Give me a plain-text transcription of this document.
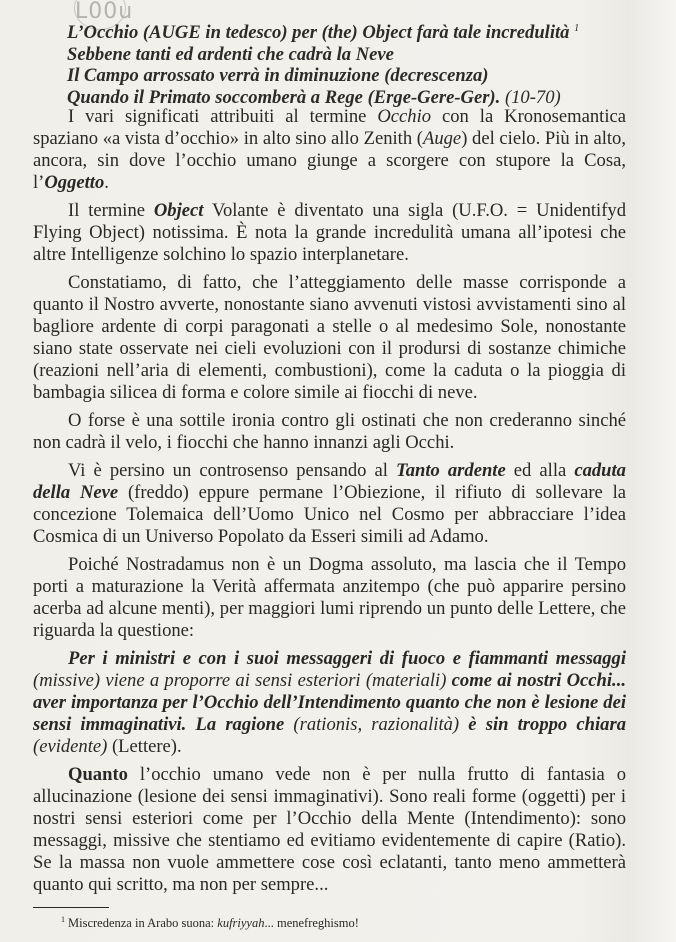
L00u
L’Occhio (AUGE in tedesco) per (the) Object farà tale incredulità $^1$
Sebbene tanti ed ardenti che cadrà la Neve
Il Campo arrossato verrà in diminuzione (decrescenza)
Quando il Primato soccomberà a Rege (Erge-Gere-Ger). (10-70)

I vari significati attribuiti al termine Occhio con la Kronosemantica spaziano «a vista d’occhio» in alto sino allo Zenith (Auge) del cielo. Più in alto, ancora, sin dove l’occhio umano giunge a scorgere con stupore la Cosa, l’Oggetto.

Il termine Object Volante è diventato una sigla (U.F.O. = Unidentifyd Flying Object) notissima. È nota la grande incredulità umana all’ipotesi che altre Intelligenze solchino lo spazio interplanetare.

Constatiamo, di fatto, che l’atteggiamento delle masse corrisponde a quanto il Nostro avverte, nonostante siano avvenuti vistosi avvistamenti sino al bagliore ardente di corpi paragonati a stelle o al medesimo Sole, nonostante siano state osservate nei cieli evoluzioni con il prodursi di sostanze chimiche (reazioni nell’aria di elementi, combustioni), come la caduta o la pioggia di bambagia silicea di forma e colore simile ai fiocchi di neve.

O forse è una sottile ironia contro gli ostinati che non crederanno sinché non cadrà il velo, i fiocchi che hanno innanzi agli Occhi.

Vi è persino un controsenso pensando al Tanto ardente ed alla caduta della Neve (freddo) eppure permane l’Obiezione, il rifiuto di sollevare la concezione Tolemaica dell’Uomo Unico nel Cosmo per abbracciare l’idea Cosmica di un Universo Popolato da Esseri simili ad Adamo.

Poiché Nostradamus non è un Dogma assoluto, ma lascia che il Tempo porti a maturazione la Verità affermata anzitempo (che può apparire persino acerba ad alcune menti), per maggiori lumi riprendo un punto delle Lettere, che riguarda la questione:

Per i ministri e con i suoi messaggeri di fuoco e fiammanti messaggi (missive) viene a proporre ai sensi esteriori (materiali) come ai nostri Occhi... aver importanza per l’Occhio dell’Intendimento quanto che non è lesione dei sensi immaginativi. La ragione (rationis, razionalità) è sin troppo chiara (evidente) (Lettere).

Quanto l’occhio umano vede non è per nulla frutto di fantasia o allucinazione (lesione dei sensi immaginativi). Sono reali forme (oggetti) per i nostri sensi esteriori come per l’Occhio della Mente (Intendimento): sono messaggi, missive che stentiamo ed evitiamo evidentemente di capire (Ratio). Se la massa non vuole ammettere cose così eclatanti, tanto meno ammetterà quanto qui scritto, ma non per sempre...

$^1$ Miscredenza in Arabo suona: kufriyyah... menefreghismo!
